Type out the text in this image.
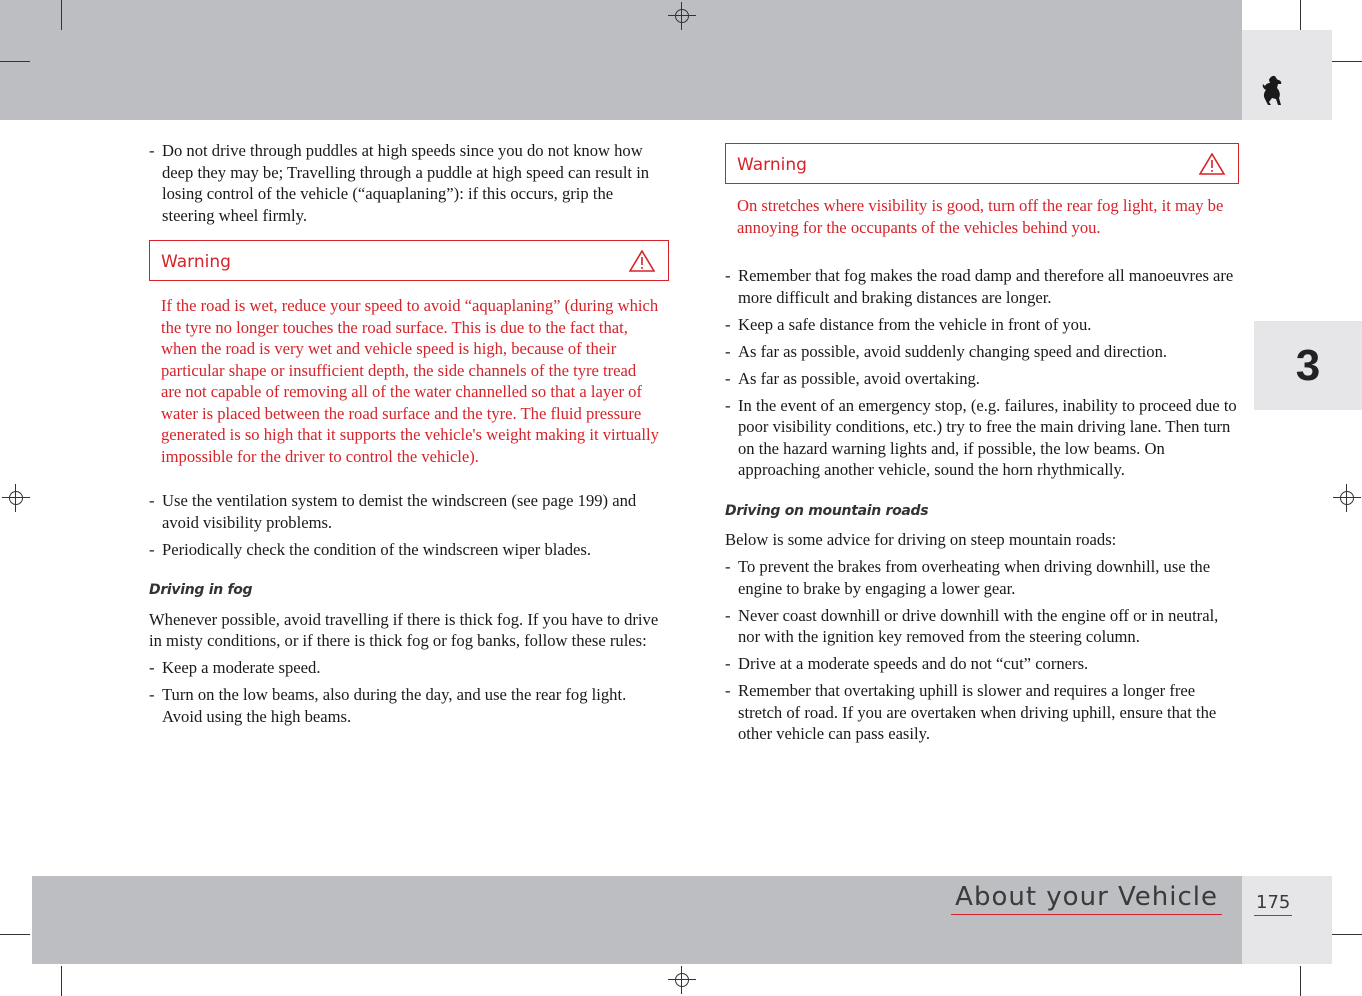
3
About your Vehicle 175
- Do not drive through puddles at high speeds since you do not know how deep they may be; Travelling through a puddle at high speed can result in losing control of the vehicle (“aquaplaning”): if this occurs, grip the steering wheel firmly.
Warning
If the road is wet, reduce your speed to avoid “aquaplaning” (during which the tyre no longer touches the road surface. This is due to the fact that, when the road is very wet and vehicle speed is high, because of their particular shape or insufficient depth, the side channels of the tyre tread are not capable of removing all of the water channelled so that a layer of water is placed between the road surface and the tyre. The fluid pressure generated is so high that it supports the vehicle's weight making it virtually impossible for the driver to control the vehicle).
- Use the ventilation system to demist the windscreen (see page 199) and avoid visibility problems.
- Periodically check the condition of the windscreen wiper blades.
Driving in fog
Whenever possible, avoid travelling if there is thick fog. If you have to drive in misty conditions, or if there is thick fog or fog banks, follow these rules:
- Keep a moderate speed.
- Turn on the low beams, also during the day, and use the rear fog light. Avoid using the high beams.
Warning
On stretches where visibility is good, turn off the rear fog light, it may be annoying for the occupants of the vehicles behind you.
- Remember that fog makes the road damp and therefore all manoeuvres are more difficult and braking distances are longer.
- Keep a safe distance from the vehicle in front of you.
- As far as possible, avoid suddenly changing speed and direction.
- As far as possible, avoid overtaking.
- In the event of an emergency stop, (e.g. failures, inability to proceed due to poor visibility conditions, etc.) try to free the main driving lane. Then turn on the hazard warning lights and, if possible, the low beams. On approaching another vehicle, sound the horn rhythmically.
Driving on mountain roads
Below is some advice for driving on steep mountain roads:
- To prevent the brakes from overheating when driving downhill, use the engine to brake by engaging a lower gear.
- Never coast downhill or drive downhill with the engine off or in neutral, nor with the ignition key removed from the steering column.
- Drive at a moderate speeds and do not “cut” corners.
- Remember that overtaking uphill is slower and requires a longer free stretch of road. If you are overtaken when driving uphill, ensure that the other vehicle can pass easily.
